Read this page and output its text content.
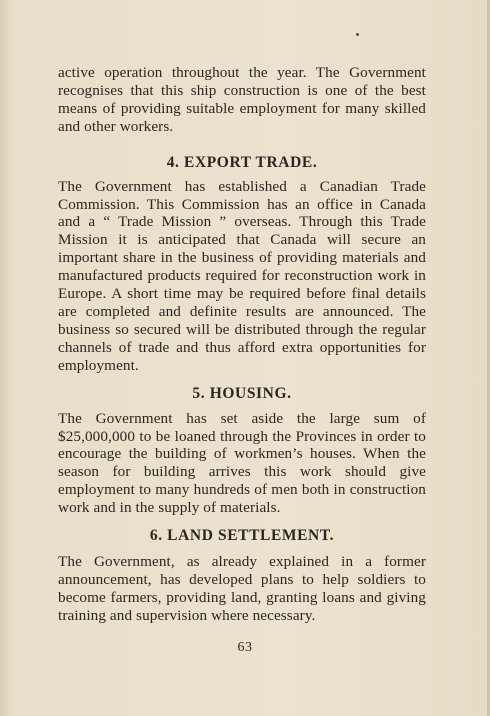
active operation throughout the year. The Government recognises that this ship construction is one of the best means of providing suitable employment for many skilled and other workers.

4. EXPORT TRADE.

The Government has established a Canadian Trade Commission. This Commission has an office in Canada and a “ Trade Mission ” overseas. Through this Trade Mission it is anticipated that Canada will secure an important share in the business of providing materials and manufactured products required for reconstruction work in Europe. A short time may be required before final details are completed and definite results are announced. The business so secured will be distributed through the regular channels of trade and thus afford extra opportunities for employment.

5. HOUSING.

The Government has set aside the large sum of $25,000,000 to be loaned through the Provinces in order to encourage the building of workmen’s houses. When the season for building arrives this work should give employment to many hundreds of men both in construction work and in the supply of materials.

6. LAND SETTLEMENT.

The Government, as already explained in a former announcement, has developed plans to help soldiers to become farmers, providing land, granting loans and giving training and supervision where necessary.

63
